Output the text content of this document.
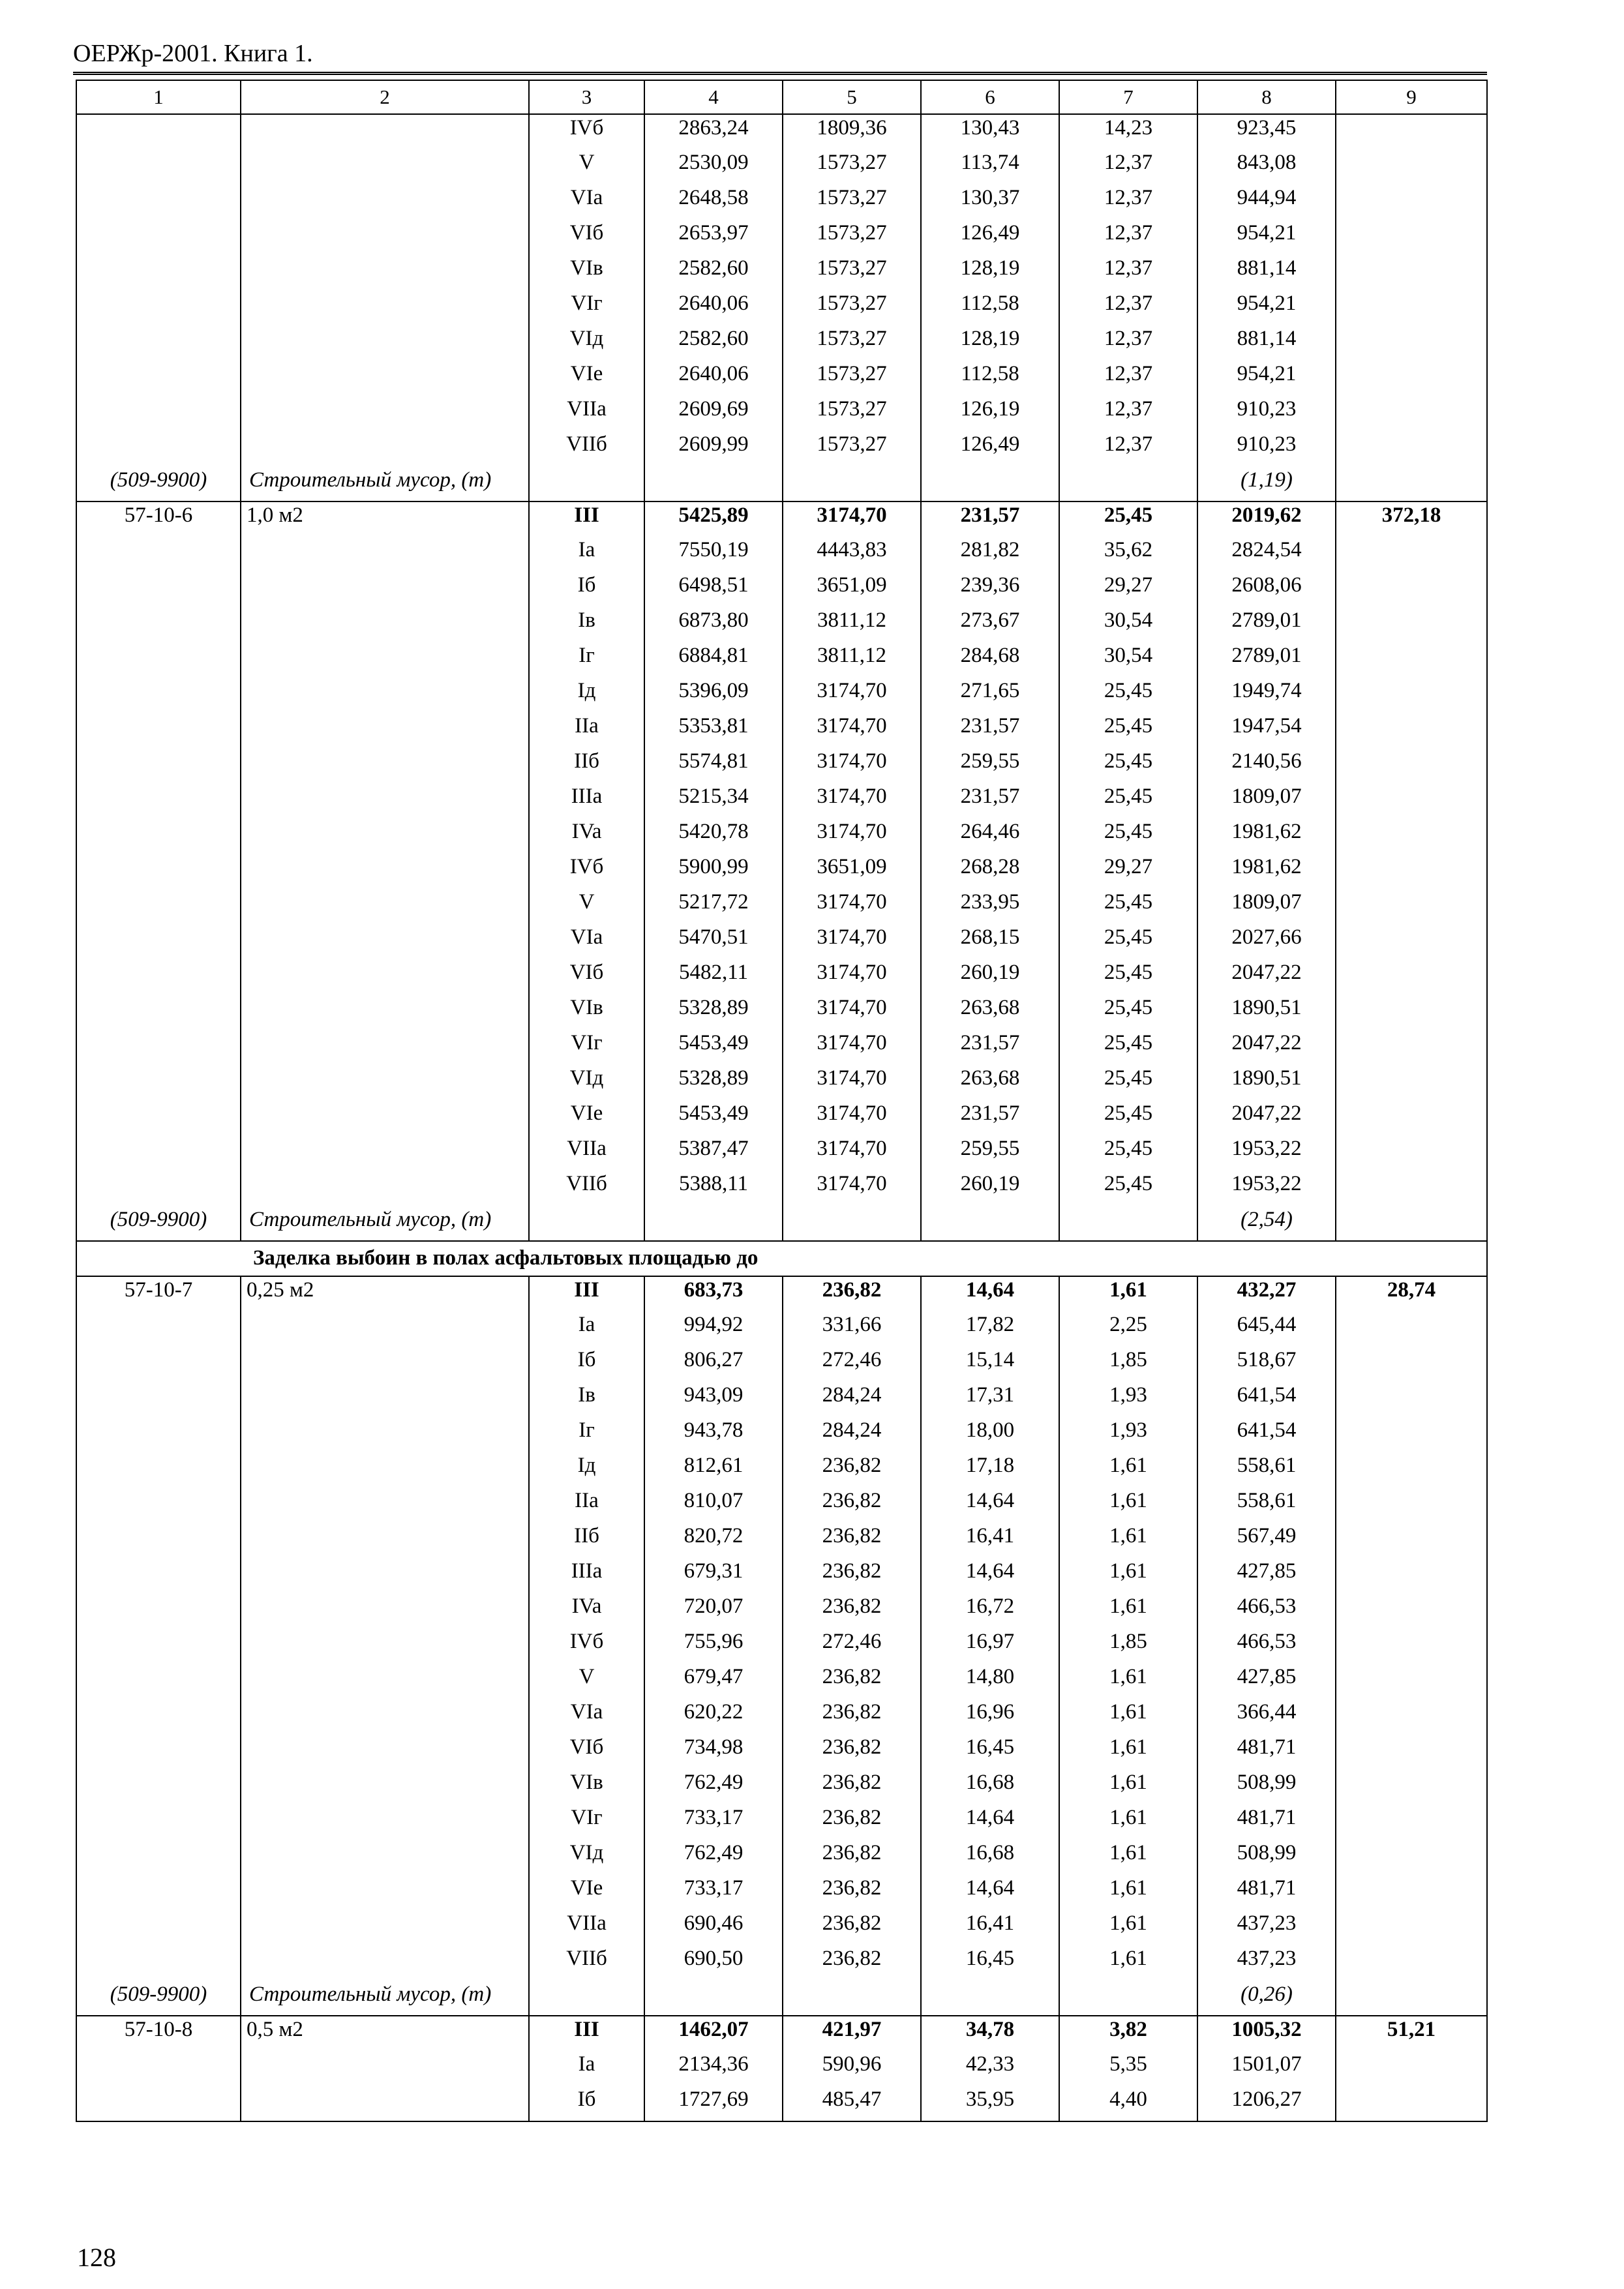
ОЕРЖр-2001. Книга 1.
1	2	3	4	5	6	7	8	9
		IVб	2863,24	1809,36	130,43	14,23	923,45	
		V	2530,09	1573,27	113,74	12,37	843,08	
		VIa	2648,58	1573,27	130,37	12,37	944,94	
		VIб	2653,97	1573,27	126,49	12,37	954,21	
		VIв	2582,60	1573,27	128,19	12,37	881,14	
		VIг	2640,06	1573,27	112,58	12,37	954,21	
		VIд	2582,60	1573,27	128,19	12,37	881,14	
		VIe	2640,06	1573,27	112,58	12,37	954,21	
		VIIa	2609,69	1573,27	126,19	12,37	910,23	
		VIIб	2609,99	1573,27	126,49	12,37	910,23	
(509-9900)	Строительный мусор, (т)						(1,19)	
57-10-6	1,0 м2	III	5425,89	3174,70	231,57	25,45	2019,62	372,18
		Ia	7550,19	4443,83	281,82	35,62	2824,54	
		Iб	6498,51	3651,09	239,36	29,27	2608,06	
		Iв	6873,80	3811,12	273,67	30,54	2789,01	
		Iг	6884,81	3811,12	284,68	30,54	2789,01	
		Iд	5396,09	3174,70	271,65	25,45	1949,74	
		IIa	5353,81	3174,70	231,57	25,45	1947,54	
		IIб	5574,81	3174,70	259,55	25,45	2140,56	
		IIIa	5215,34	3174,70	231,57	25,45	1809,07	
		IVa	5420,78	3174,70	264,46	25,45	1981,62	
		IVб	5900,99	3651,09	268,28	29,27	1981,62	
		V	5217,72	3174,70	233,95	25,45	1809,07	
		VIa	5470,51	3174,70	268,15	25,45	2027,66	
		VIб	5482,11	3174,70	260,19	25,45	2047,22	
		VIв	5328,89	3174,70	263,68	25,45	1890,51	
		VIг	5453,49	3174,70	231,57	25,45	2047,22	
		VIд	5328,89	3174,70	263,68	25,45	1890,51	
		VIe	5453,49	3174,70	231,57	25,45	2047,22	
		VIIa	5387,47	3174,70	259,55	25,45	1953,22	
		VIIб	5388,11	3174,70	260,19	25,45	1953,22	
(509-9900)	Строительный мусор, (т)						(2,54)	
Заделка выбоин в полах асфальтовых площадью до								
57-10-7	0,25 м2	III	683,73	236,82	14,64	1,61	432,27	28,74
		Ia	994,92	331,66	17,82	2,25	645,44	
		Iб	806,27	272,46	15,14	1,85	518,67	
		Iв	943,09	284,24	17,31	1,93	641,54	
		Iг	943,78	284,24	18,00	1,93	641,54	
		Iд	812,61	236,82	17,18	1,61	558,61	
		IIa	810,07	236,82	14,64	1,61	558,61	
		IIб	820,72	236,82	16,41	1,61	567,49	
		IIIa	679,31	236,82	14,64	1,61	427,85	
		IVa	720,07	236,82	16,72	1,61	466,53	
		IVб	755,96	272,46	16,97	1,85	466,53	
		V	679,47	236,82	14,80	1,61	427,85	
		VIa	620,22	236,82	16,96	1,61	366,44	
		VIб	734,98	236,82	16,45	1,61	481,71	
		VIв	762,49	236,82	16,68	1,61	508,99	
		VIг	733,17	236,82	14,64	1,61	481,71	
		VIд	762,49	236,82	16,68	1,61	508,99	
		VIe	733,17	236,82	14,64	1,61	481,71	
		VIIa	690,46	236,82	16,41	1,61	437,23	
		VIIб	690,50	236,82	16,45	1,61	437,23	
(509-9900)	Строительный мусор, (т)						(0,26)	
57-10-8	0,5 м2	III	1462,07	421,97	34,78	3,82	1005,32	51,21
		Ia	2134,36	590,96	42,33	5,35	1501,07	
		Iб	1727,69	485,47	35,95	4,40	1206,27	
128
